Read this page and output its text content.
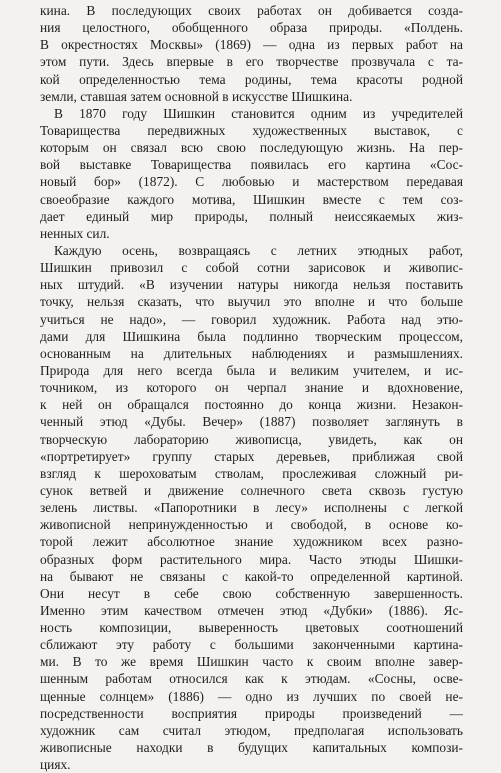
кина. В последующих своих работах он добивается созда-
ния целостного, обобщенного образа природы. «Полдень.
В окрестностях Москвы» (1869) — одна из первых работ на
этом пути. Здесь впервые в его творчестве прозвучала с та-
кой определенностью тема родины, тема красоты родной
земли, ставшая затем основной в искусстве Шишкина.

В 1870 году Шишкин становится одним из учредителей
Товарищества передвижных художественных выставок, с
которым он связал всю свою последующую жизнь. На пер-
вой выставке Товарищества появилась его картина «Сос-
новый бор» (1872). С любовью и мастерством передавая
своеобразие каждого мотива, Шишкин вместе с тем соз-
дает единый мир природы, полный неиссякаемых жиз-
ненных сил.

Каждую осень, возвращаясь с летних этюдных работ,
Шишкин привозил с собой сотни зарисовок и живопис-
ных штудий. «В изучении натуры никогда нельзя поставить
точку, нельзя сказать, что выучил это вполне и что больше
учиться не надо», — говорил художник. Работа над этю-
дами для Шишкина была подлинно творческим процессом,
основанным на длительных наблюдениях и размышлениях.
Природа для него всегда была и великим учителем, и ис-
точником, из которого он черпал знание и вдохновение,
к ней он обращался постоянно до конца жизни. Незакон-
ченный этюд «Дубы. Вечер» (1887) позволяет заглянуть в
творческую лабораторию живописца, увидеть, как он
«портретирует» группу старых деревьев, приближая свой
взгляд к шероховатым стволам, прослеживая сложный ри-
сунок ветвей и движение солнечного света сквозь густую
зелень листвы. «Папоротники в лесу» исполнены с легкой
живописной непринужденностью и свободой, в основе ко-
торой лежит абсолютное знание художником всех разно-
образных форм растительного мира. Часто этюды Шишки-
на бывают не связаны с какой-то определенной картиной.
Они несут в себе свою собственную завершенность.
Именно этим качеством отмечен этюд «Дубки» (1886). Яс-
ность композиции, выверенность цветовых соотношений
сближают эту работу с большими законченными картина-
ми. В то же время Шишкин часто к своим вполне завер-
шенным работам относился как к этюдам. «Сосны, осве-
щенные солнцем» (1886) — одно из лучших по своей не-
посредственности восприятия природы произведений —
художник сам считал этюдом, предполагая использовать
живописные находки в будущих капитальных компози-
циях.
